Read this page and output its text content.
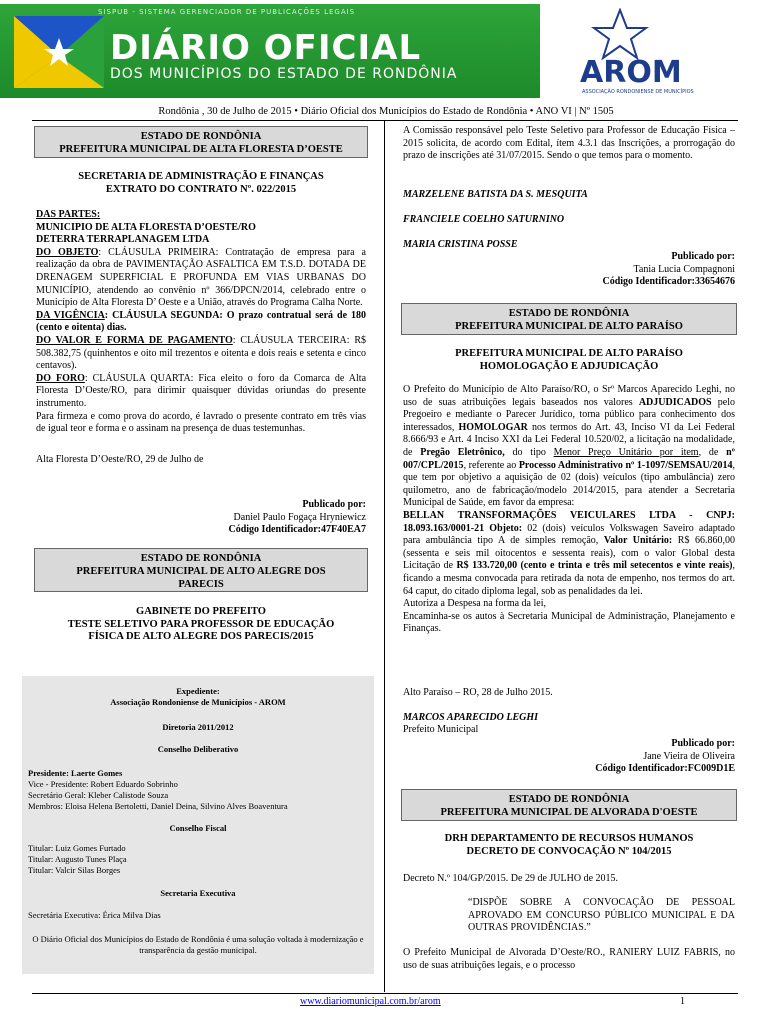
SISPUB - SISTEMA GERENCIADOR DE PUBLICAÇÕES LEGAIS
DIÁRIO OFICIAL
DOS MUNICÍPIOS DO ESTADO DE RONDÔNIA	AROM
ASSOCIAÇÃO RONDONIENSE DE MUNICÍPIOS
Rondônia , 30 de Julho de 2015 • Diário Oficial dos Municípios do Estado de Rondônia • ANO VI | Nº 1505
ESTADO DE RONDÔNIA
PREFEITURA MUNICIPAL DE ALTA FLORESTA D’OESTE
SECRETARIA DE ADMINISTRAÇÃO E FINANÇAS
EXTRATO DO CONTRATO Nº. 022/2015

DAS PARTES:

MUNICIPIO DE ALTA FLORESTA D’OESTE/RO

DETERRA TERRAPLANAGEM LTDA

DO OBJETO: CLÁUSULA PRIMEIRA: Contratação de empresa para a realização da obra de PAVIMENTAÇÃO ASFALTICA EM T.S.D. DOTADA DE DRENAGEM SUPERFICIAL E PROFUNDA EM VIAS URBANAS DO MUNICÍPIO, atendendo ao convênio nº 366/DPCN/2014, celebrado entre o Município de Alta Floresta D’ Oeste e a União, através do Programa Calha Norte.

DA VIGÊNCIA: CLÁUSULA SEGUNDA: O prazo contratual será de 180 (cento e oitenta) dias.

DO VALOR E FORMA DE PAGAMENTO: CLÁUSULA TERCEIRA: R$ 508.382,75 (quinhentos e oito mil trezentos e oitenta e dois reais e setenta e cinco centavos).

DO FORO: CLÁUSULA QUARTA: Fica eleito o foro da Comarca de Alta Floresta D’Oeste/RO, para dirimir quaisquer dúvidas oriundas do presente instrumento.

Para firmeza e como prova do acordo, é lavrado o presente contrato em três vias de igual teor e forma e o assinam na presença de duas testemunhas.

Alta Floresta D’Oeste/RO, 29 de Julho de

Publicado por:
Daniel Paulo Fogaça Hryniewicz
Código Identificador:47F40EA7
ESTADO DE RONDÔNIA
PREFEITURA MUNICIPAL DE ALTO ALEGRE DOS
PARECIS
GABINETE DO PREFEITO
TESTE SELETIVO PARA PROFESSOR DE EDUCAÇÃO
FÍSICA DE ALTO ALEGRE DOS PARECIS/2015
Expediente:
Associação Rondoniense de Municípios - AROM
Diretoria 2011/2012
Conselho Deliberativo
Presidente: Laerte Gomes
Vice - Presidente: Robert Eduardo Sobrinho
Secretário Geral: Kleber Calistode Souza
Membros: Eloisa Helena Bertoletti, Daniel Deina, Silvino Alves Boaventura
Conselho Fiscal
Titular: Luiz Gomes Furtado
Titular: Augusto Tunes Plaça
Titular: Valcir Silas Borges
Secretaria Executiva
Secretária Executiva: Érica Milva Dias
O Diário Oficial dos Municípios do Estado de Rondônia é uma solução voltada à modernização e transparência da gestão municipal.
A Comissão responsável pelo Teste Seletivo para Professor de Educação Física – 2015 solicita, de acordo com Edital, ítem 4.3.1 das Inscrições, a prorrogação do prazo de inscrições até 31/07/2015. Sendo o que temos para o momento.
MARZELENE BATISTA DA S. MESQUITA
FRANCIELE COELHO SATURNINO
MARIA CRISTINA POSSE
Publicado por:
Tania Lucia Compagnoni
Código Identificador:33654676
ESTADO DE RONDÔNIA
PREFEITURA MUNICIPAL DE ALTO PARAÍSO
PREFEITURA MUNICIPAL DE ALTO PARAÍSO
HOMOLOGAÇÃO E ADJUDICAÇÃO

O Prefeito do Município de Alto Paraíso/RO, o Srº Marcos Aparecido Leghi, no uso de suas atribuições legais baseados nos valores ADJUDICADOS pelo Pregoeiro e mediante o Parecer Jurídico, torna público para conhecimento dos interessados, HOMOLOGAR nos termos do Art. 43, Inciso VI da Lei Federal 8.666/93 e Art. 4 Inciso XXI da Lei Federal 10.520/02, a licitação na modalidade, de Pregão Eletrônico, do tipo Menor Preço Unitário por item, de nº 007/CPL/2015, referente ao Processo Administrativo nº 1-1097/SEMSAU/2014, que tem por objetivo a aquisição de 02 (dois) veículos (tipo ambulância) zero quilometro, ano de fabricação/modelo 2014/2015, para atender a Secretaria Municipal de Saúde, em favor da empresa:

BELLAN TRANSFORMAÇÕES VEICULARES LTDA - CNPJ: 18.093.163/0001-21 Objeto: 02 (dois) veículos Volkswagen Saveiro adaptado para ambulância tipo A de simples remoção, Valor Unitário: R$ 66.860,00 (sessenta e seis mil oitocentos e sessenta reais), com o valor Global desta Licitação de R$ 133.720,00 (cento e trinta e três mil setecentos e vinte reais), ficando a mesma convocada para retirada da nota de empenho, nos termos do art. 64 caput, do citado diploma legal, sob as penalidades da lei.

Autoriza a Despesa na forma da lei,

Encaminha-se os autos à Secretaria Municipal de Administração, Planejamento e Finanças.

Alto Paraíso – RO, 28 de Julho 2015.

MARCOS APARECIDO LEGHI

Prefeito Municipal

Publicado por:
Jane Vieira de Oliveira
Código Identificador:FC009D1E
ESTADO DE RONDÔNIA
PREFEITURA MUNICIPAL DE ALVORADA D'OESTE
DRH DEPARTAMENTO DE RECURSOS HUMANOS
DECRETO DE CONVOCAÇÃO Nº 104/2015
Decreto N.º 104/GP/2015. De 29 de JULHO de 2015.
“DISPÕE SOBRE A CONVOCAÇÃO DE PESSOAL APROVADO EM CONCURSO PÚBLICO MUNICIPAL E DA OUTRAS PROVIDÊNCIAS.”
O Prefeito Municipal de Alvorada D’Oeste/RO., RANIERY LUIZ FABRIS, no uso de suas atribuições legais, e o processo
www.diariomunicipal.com.br/arom	1
